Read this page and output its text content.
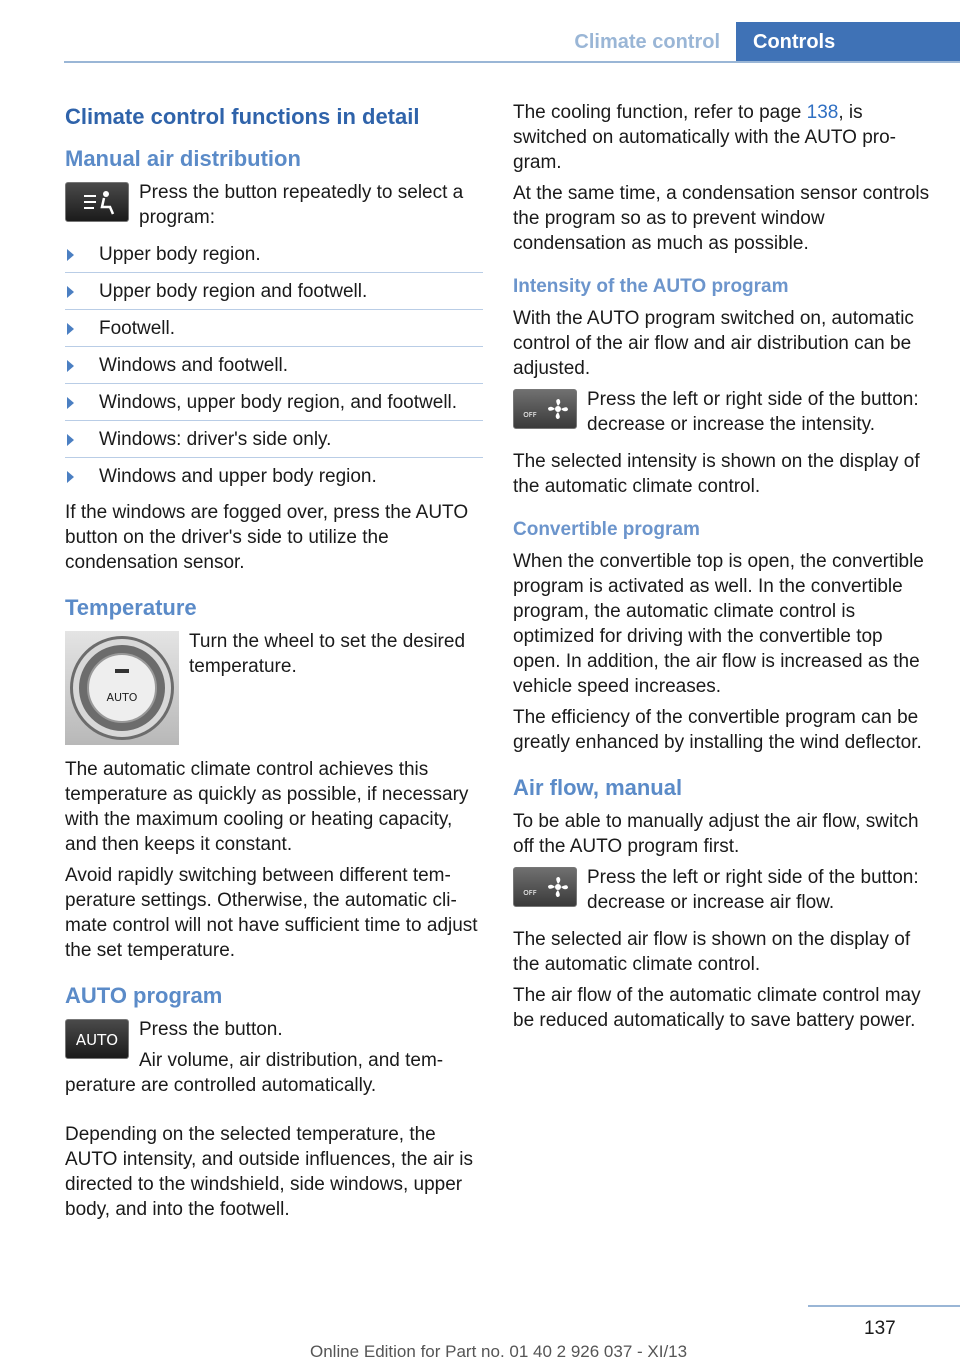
Climate control Controls
Climate control functions in detail
Manual air distribution

Press the button repeatedly to select a program:

Upper body region.
Upper body region and footwell.
Footwell.
Windows and footwell.
Windows, upper body region, and footwell.
Windows: driver's side only.
Windows and upper body region.

If the windows are fogged over, press the AUTO button on the driver's side to utilize the condensation sensor.

Temperature
AUTO

Turn the wheel to set the desired temperature.

The automatic climate control achieves this temperature as quickly as possible, if necessary with the maximum cooling or heating capacity, and then keeps it constant.

Avoid rapidly switching between different temperature settings. Otherwise, the automatic climate control will not have sufficient time to adjust the set temperature.

AUTO program
AUTO	Press the button.

Air volume, air distribution, and temperature are controlled automatically.

Depending on the selected temperature, the AUTO intensity, and outside influences, the air is directed to the windshield, side windows, upper body, and into the footwell.

The cooling function, refer to page 138, is switched on automatically with the AUTO program.

At the same time, a condensation sensor controls the program so as to prevent window condensation as much as possible.

Intensity of the AUTO program

With the AUTO program switched on, automatic control of the air flow and air distribution can be adjusted.

OFF

Press the left or right side of the button: decrease or increase the intensity.

The selected intensity is shown on the display of the automatic climate control.

Convertible program

When the convertible top is open, the convertible program is activated as well. In the convertible program, the automatic climate control is optimized for driving with the convertible top open. In addition, the air flow is increased as the vehicle speed increases.

The efficiency of the convertible program can be greatly enhanced by installing the wind deflector.

Air flow, manual

To be able to manually adjust the air flow, switch off the AUTO program first.

OFF

Press the left or right side of the button: decrease or increase air flow.

The selected air flow is shown on the display of the automatic climate control.

The air flow of the automatic climate control may be reduced automatically to save battery power.

137
Online Edition for Part no. 01 40 2 926 037 - XI/13
